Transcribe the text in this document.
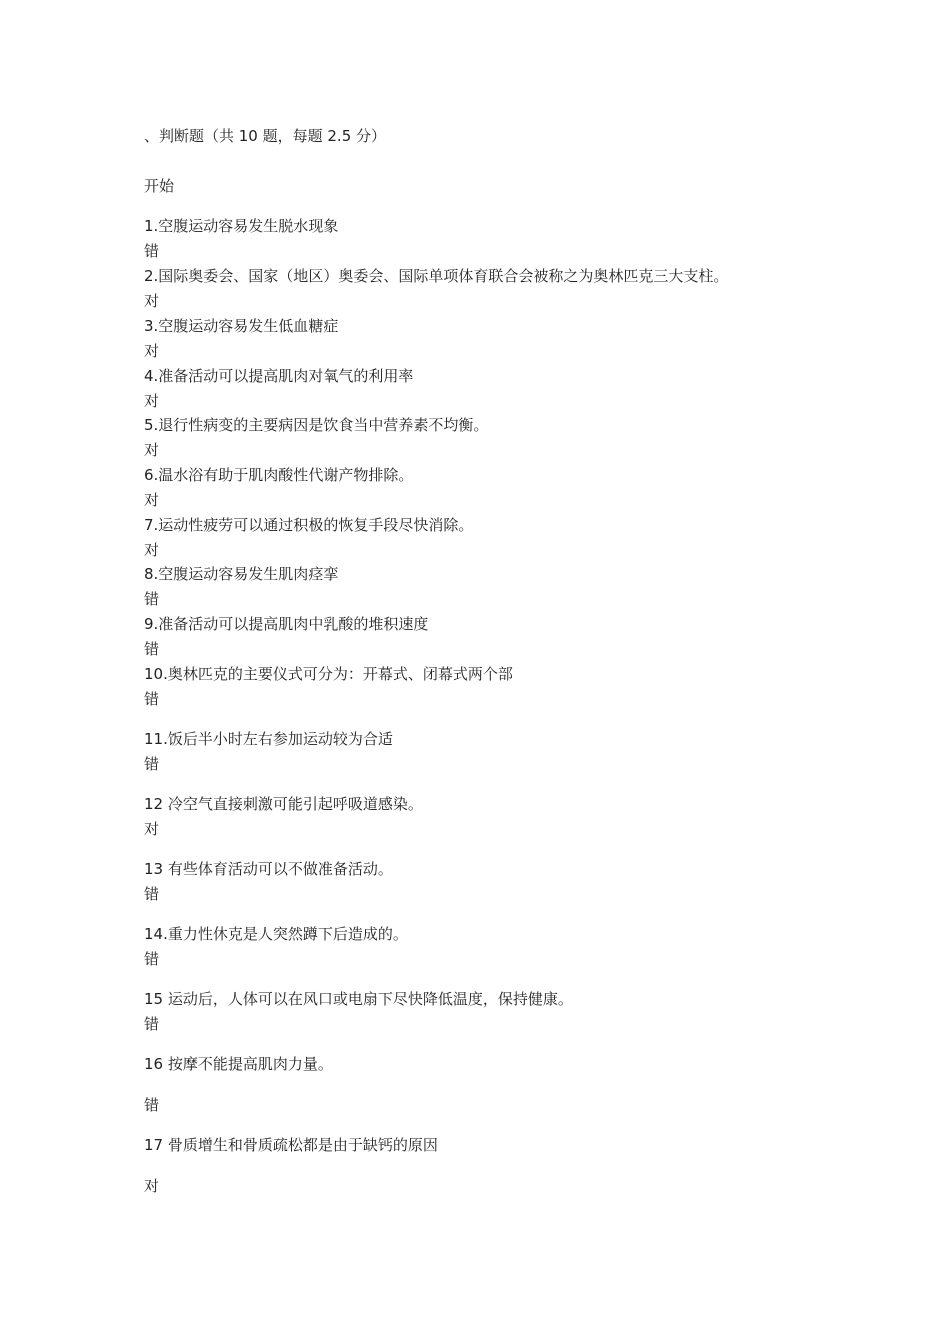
、判断题（共 10 题，每题 2.5 分）
开始
1.空腹运动容易发生脱水现象
错
2.国际奥委会、国家（地区）奥委会、国际单项体育联合会被称之为奥林匹克三大支柱。
对
3.空腹运动容易发生低血糖症
对
4.准备活动可以提高肌肉对氧气的利用率
对
5.退行性病变的主要病因是饮食当中营养素不均衡。
对
6.温水浴有助于肌肉酸性代谢产物排除。
对
7.运动性疲劳可以通过积极的恢复手段尽快消除。
对
8.空腹运动容易发生肌肉痉挛
错
9.准备活动可以提高肌肉中乳酸的堆积速度
错
10.奥林匹克的主要仪式可分为：开幕式、闭幕式两个部
错
11.饭后半小时左右参加运动较为合适
错
12 冷空气直接刺激可能引起呼吸道感染。
对
13 有些体育活动可以不做准备活动。
错
14.重力性休克是人突然蹲下后造成的。
错
15 运动后，人体可以在风口或电扇下尽快降低温度，保持健康。
错
16 按摩不能提高肌肉力量。
错
17 骨质增生和骨质疏松都是由于缺钙的原因
对
